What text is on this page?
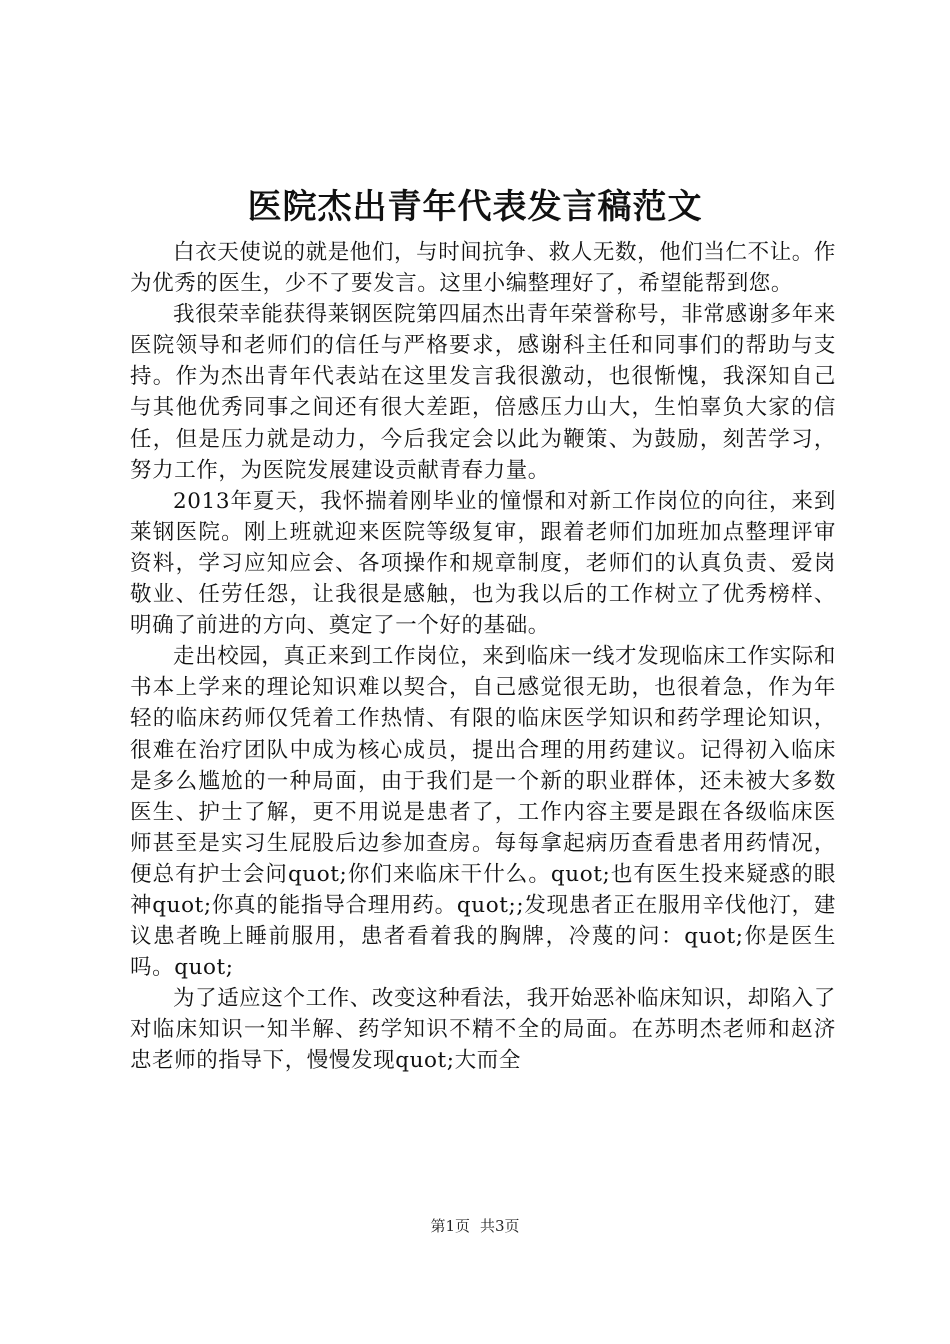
医院杰出青年代表发言稿范文

白衣天使说的就是他们，与时间抗争、救人无数，他们当仁不让。作为优秀的医生，少不了要发言。这里小编整理好了，希望能帮到您。

我很荣幸能获得莱钢医院第四届杰出青年荣誉称号，非常感谢多年来医院领导和老师们的信任与严格要求，感谢科主任和同事们的帮助与支持。作为杰出青年代表站在这里发言我很激动，也很惭愧，我深知自己与其他优秀同事之间还有很大差距，倍感压力山大，生怕辜负大家的信任，但是压力就是动力，今后我定会以此为鞭策、为鼓励，刻苦学习，努力工作，为医院发展建设贡献青春力量。

2013年夏天，我怀揣着刚毕业的憧憬和对新工作岗位的向往，来到莱钢医院。刚上班就迎来医院等级复审，跟着老师们加班加点整理评审资料，学习应知应会、各项操作和规章制度，老师们的认真负责、爱岗敬业、任劳任怨，让我很是感触，也为我以后的工作树立了优秀榜样、明确了前进的方向、奠定了一个好的基础。

走出校园，真正来到工作岗位，来到临床一线才发现临床工作实际和书本上学来的理论知识难以契合，自己感觉很无助，也很着急，作为年轻的临床药师仅凭着工作热情、有限的临床医学知识和药学理论知识，很难在治疗团队中成为核心成员，提出合理的用药建议。记得初入临床是多么尴尬的一种局面，由于我们是一个新的职业群体，还未被大多数医生、护士了解，更不用说是患者了，工作内容主要是跟在各级临床医师甚至是实习生屁股后边参加查房。每每拿起病历查看患者用药情况，便总有护士会问quot;你们来临床干什么。quot;也有医生投来疑惑的眼神quot;你真的能指导合理用药。quot;;发现患者正在服用辛伐他汀，建议患者晚上睡前服用，患者看着我的胸牌，冷蔑的问：quot;你是医生吗。quot;

为了适应这个工作、改变这种看法，我开始恶补临床知识，却陷入了对临床知识一知半解、药学知识不精不全的局面。在苏明杰老师和赵济忠老师的指导下，慢慢发现quot;大而全

第1页 共3页
